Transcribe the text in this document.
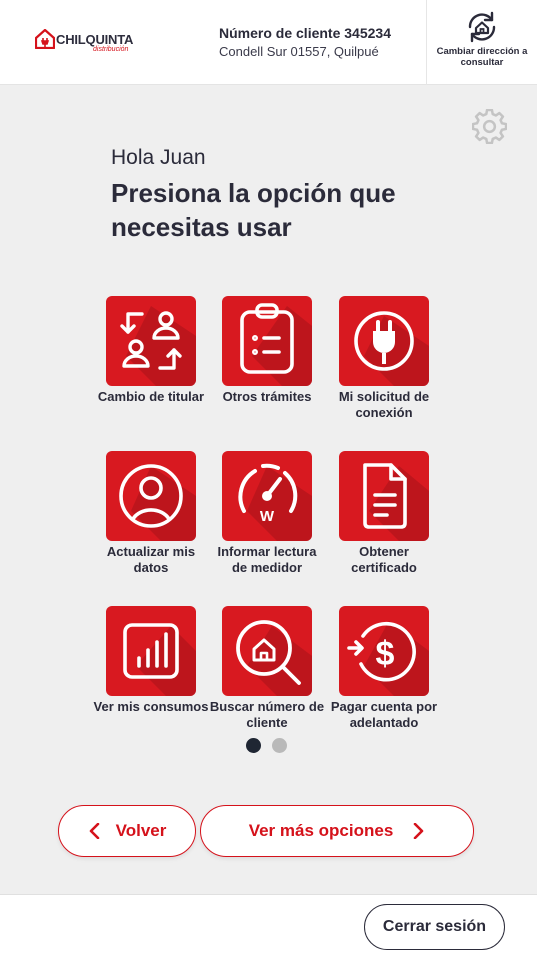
CHILQUINTA
distribución
Número de cliente 345234
Condell Sur 01557, Quilpué	Cambiar dirección a consultar
Hola Juan
Presiona la opción que necesitas usar
Cambio de titular	Otros trámites	Mi solicitud de conexión
Actualizar mis datos
W
Informar lectura de medidor
Obtener certificado
Ver mis consumos Buscar número de cliente
$
Pagar cuenta por adelantado
Volver	Ver más opciones
Cerrar sesión
